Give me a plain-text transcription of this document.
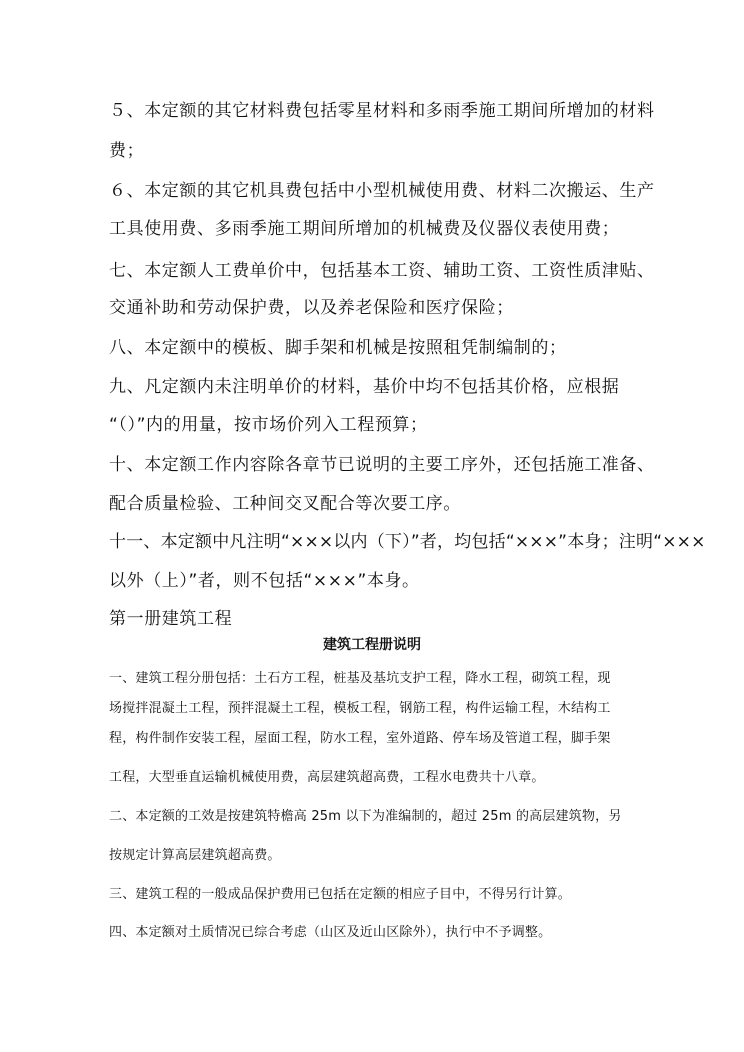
５、本定额的其它材料费包括零星材料和多雨季施工期间所增加的材料
费；
６、本定额的其它机具费包括中小型机械使用费、材料二次搬运、生产
工具使用费、多雨季施工期间所增加的机械费及仪器仪表使用费；
七、本定额人工费单价中，包括基本工资、辅助工资、工资性质津贴、
交通补助和劳动保护费，以及养老保险和医疗保险；
八、本定额中的模板、脚手架和机械是按照租凭制编制的；
九、凡定额内未注明单价的材料，基价中均不包括其价格，应根据
“（）”内的用量，按市场价列入工程预算；
十、本定额工作内容除各章节已说明的主要工序外，还包括施工准备、
配合质量检验、工种间交叉配合等次要工序。
十一、本定额中凡注明“×××以内（下）”者，均包括“×××”本身；注明“×××
以外（上）”者，则不包括“×××”本身。
第一册建筑工程
建筑工程册说明
一、建筑工程分册包括：土石方工程，桩基及基坑支护工程，降水工程，砌筑工程，现
场搅拌混凝土工程，预拌混凝土工程，模板工程，钢筋工程，构件运输工程，木结构工
程，构件制作安装工程，屋面工程，防水工程，室外道路、停车场及管道工程，脚手架
工程，大型垂直运输机械使用费，高层建筑超高费，工程水电费共十八章。
二、本定额的工效是按建筑特檐高 25m 以下为准编制的，超过 25m 的高层建筑物，另
按规定计算高层建筑超高费。
三、建筑工程的一般成品保护费用已包括在定额的相应子目中，不得另行计算。
四、本定额对土质情况已综合考虑（山区及近山区除外），执行中不予调整。
